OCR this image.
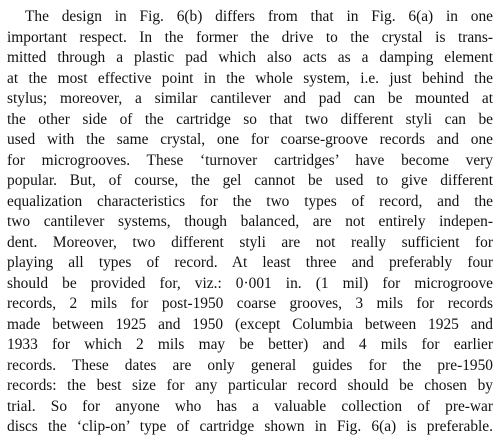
The design in Fig. 6(b) differs from that in Fig. 6(a) in one
important respect. In the former the drive to the crystal is trans-
mitted through a plastic pad which also acts as a damping element
at the most effective point in the whole system, i.e. just behind the
stylus; moreover, a similar cantilever and pad can be mounted at
the other side of the cartridge so that two different styli can be
used with the same crystal, one for coarse-groove records and one
for microgrooves. These ‘turnover cartridges’ have become very
popular. But, of course, the gel cannot be used to give different
equalization characteristics for the two types of record, and the
two cantilever systems, though balanced, are not entirely indepen-
dent. Moreover, two different styli are not really sufficient for
playing all types of record. At least three and preferably four
should be provided for, viz.: 0·001 in. (1 mil) for microgroove
records, 2 mils for post-1950 coarse grooves, 3 mils for records
made between 1925 and 1950 (except Columbia between 1925 and
1933 for which 2 mils may be better) and 4 mils for earlier
records. These dates are only general guides for the pre-1950
records: the best size for any particular record should be chosen by
trial. So for anyone who has a valuable collection of pre-war
discs the ‘clip-on’ type of cartridge shown in Fig. 6(a) is preferable.
